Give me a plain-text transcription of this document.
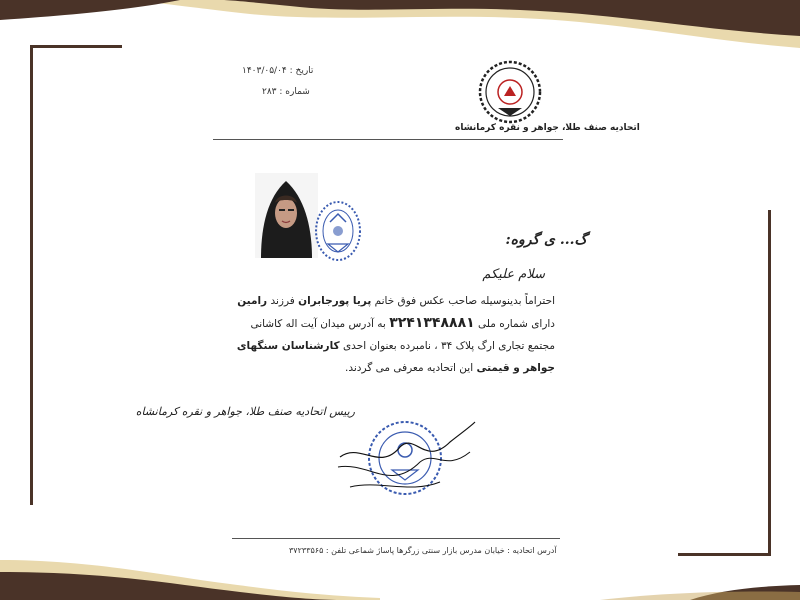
تاریخ : ۱۴۰۳/۰۵/۰۴
شماره : ۲۸۳
اتحادیه صنف طلا، جواهر و نقره کرمانشاه
گ... ی گروه:
سلام علیکم
احتراماً بدینوسیله صاحب عکس فوق خانم پریا پورجابران فرزند رامین دارای شماره ملی ۳۲۴۱۳۴۸۸۸۱ به آدرس میدان آیت اله کاشانی مجتمع تجاری ارگ پلاک ۳۴ ، نامبرده بعنوان احدی کارشناسان سنگهای جواهر و قیمتی این اتحادیه معرفی می گردند.
رییس اتحادیه صنف طلا، جواهر و نقره کرمانشاه
آدرس اتحادیه : خیابان مدرس بازار سنتی زرگرها پاساژ شماعی تلفن : ۳۷۲۳۳۵۶۵
